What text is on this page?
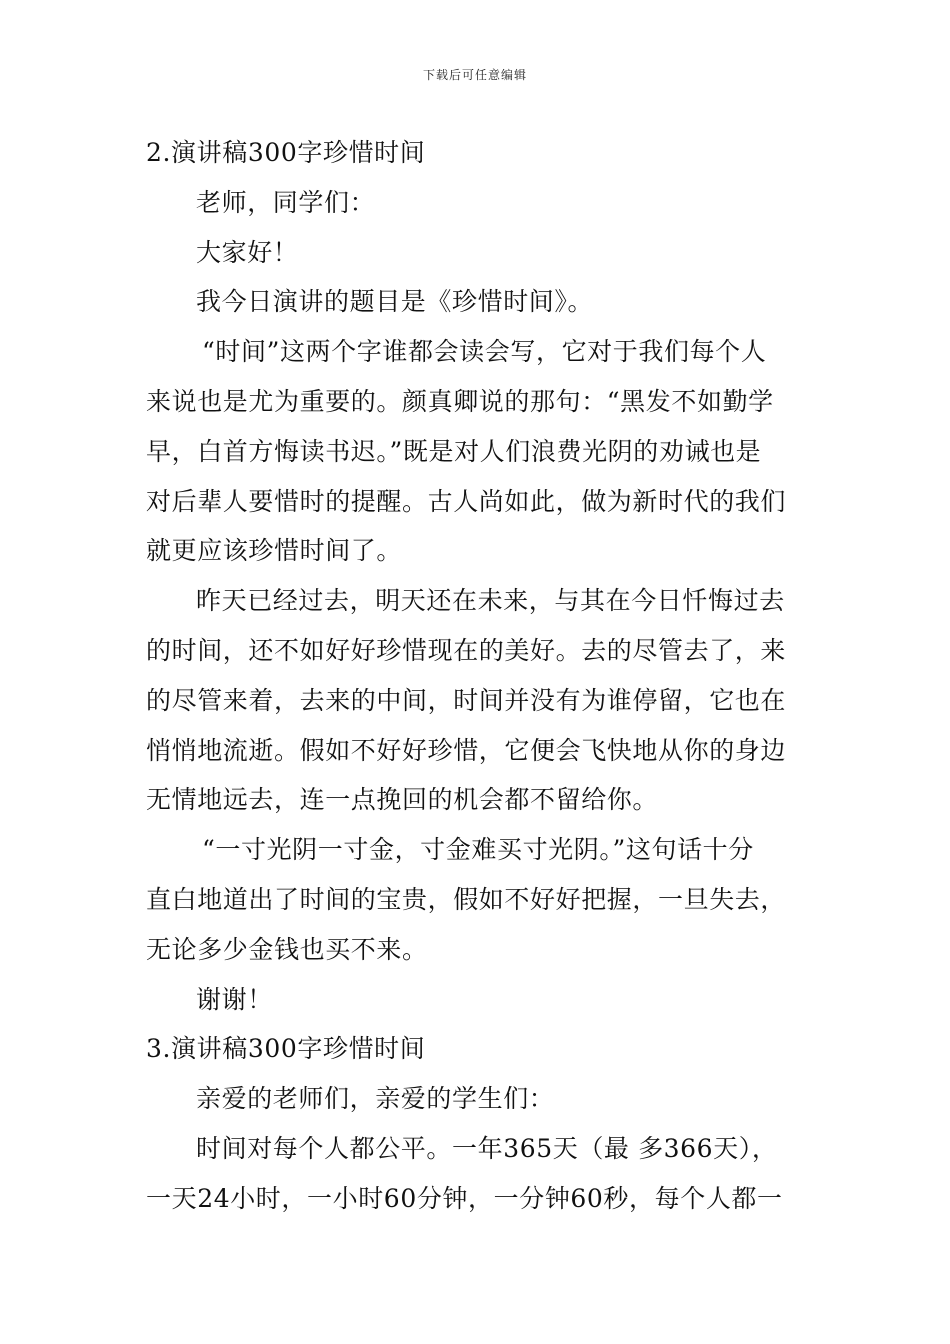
下载后可任意编辑
2.演讲稿300字珍惜时间
老师，同学们：
大家好！
我今日演讲的题目是《珍惜时间》。
“时间”这两个字谁都会读会写，它对于我们每个人
来说也是尤为重要的。颜真卿说的那句：“黑发不如勤学
早，白首方悔读书迟。”既是对人们浪费光阴的劝诫也是
对后辈人要惜时的提醒。古人尚如此，做为新时代的我们
就更应该珍惜时间了。
昨天已经过去，明天还在未来，与其在今日忏悔过去
的时间，还不如好好珍惜现在的美好。去的尽管去了，来
的尽管来着，去来的中间，时间并没有为谁停留，它也在
悄悄地流逝。假如不好好珍惜，它便会飞快地从你的身边
无情地远去，连一点挽回的机会都不留给你。
“一寸光阴一寸金，寸金难买寸光阴。”这句话十分
直白地道出了时间的宝贵，假如不好好把握，一旦失去，
无论多少金钱也买不来。
谢谢！
3.演讲稿300字珍惜时间
亲爱的老师们，亲爱的学生们：
时间对每个人都公平。一年365天（最 多366天），
一天24小时，一小时60分钟，一分钟60秒，每个人都一
